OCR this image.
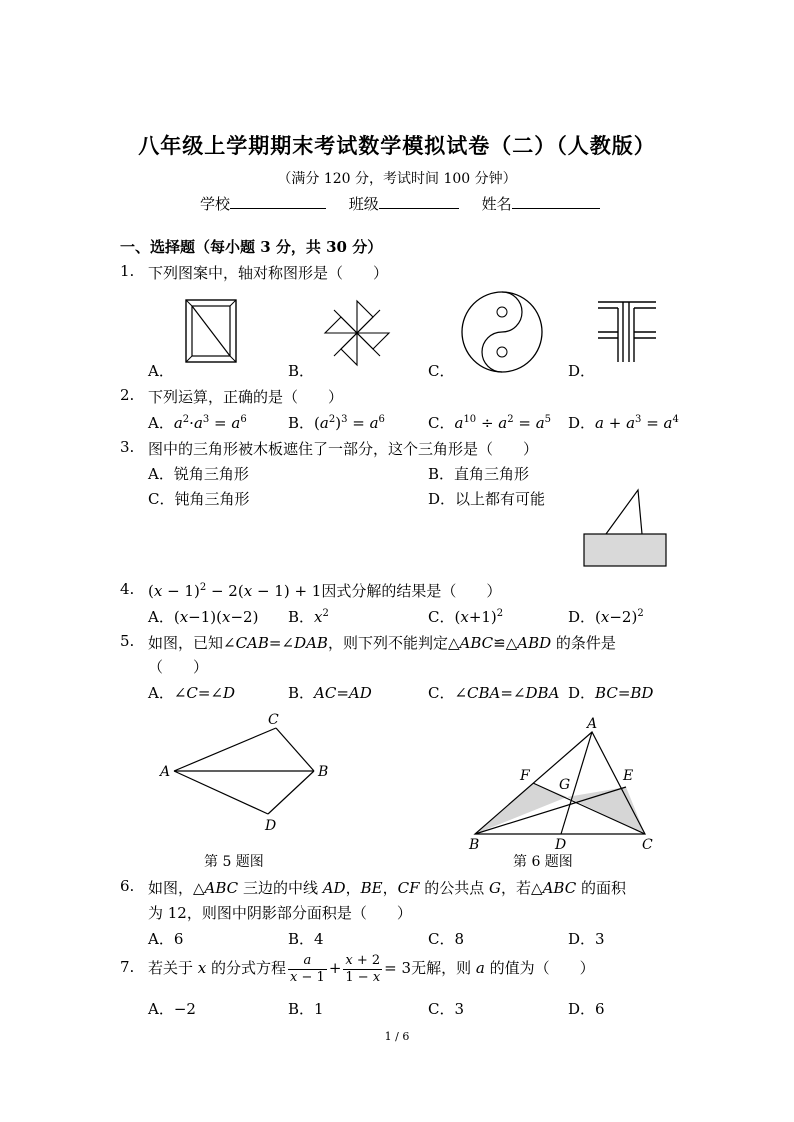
八年级上学期期末考试数学模拟试卷（二）（人教版）
（满分 120 分，考试时间 100 分钟）
学校	班级	姓名
一、选择题（每小题 3 分，共 30 分）
1. 下列图案中，轴对称图形是（　　）
A．	B．	C．	D．
2. 下列运算，正确的是（　　）
A．$a^2\cdot a^3 = a^6$	B．$(a^2)^3 = a^6$	C．$a^{10} \div a^2 = a^5$ D．$a + a^3 = a^4$
3. 图中的三角形被木板遮住了一部分，这个三角形是（　　）
A．锐角三角形	B．直角三角形
C．钝角三角形	D．以上都有可能
4. $(x - 1)^2 - 2(x - 1) + 1$因式分解的结果是（　　）
A．(x−1)(x−2) B．$x^2$	C．$(x+1)^2$	D．$(x-2)^2$
5. 如图，已知∠CAB=∠DAB，则下列不能判定△ABC≌△ABD 的条件是
（　　）
A．∠C=∠D	B．AC=AD	C．∠CBA=∠DBA D．BC=BD
A	B
C
D
A
B	C
D
E
F
G
第 5 题图	第 6 题图
6. 如图，△ABC 三边的中线 AD，BE，CF 的公共点 G，若△ABC 的面积
为 12，则图中阴影部分面积是（　　）
A．6	B．4	C．8	D．3
7. 若关于 x 的分式方程 $\frac{a}{x - 1} + \frac{x + 2}{1 - x} = 3$无解，则 a 的值为（　　）
A．−2	B．1	C．3	D．6
1 / 6
